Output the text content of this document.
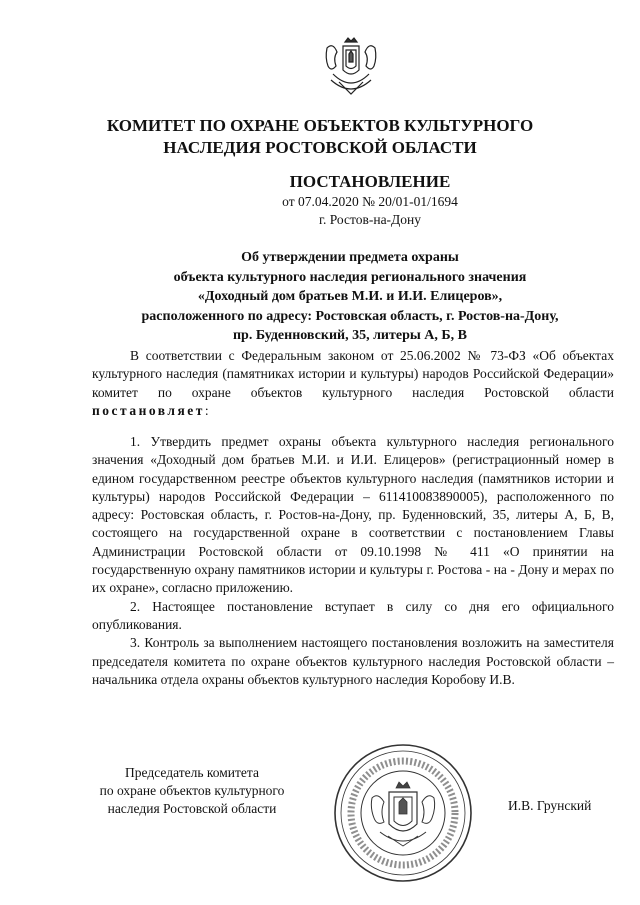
КОМИТЕТ ПО ОХРАНЕ ОБЪЕКТОВ КУЛЬТУРНОГО
НАСЛЕДИЯ РОСТОВСКОЙ ОБЛАСТИ
ПОСТАНОВЛЕНИЕ
от 07.04.2020 № 20/01-01/1694
г. Ростов-на-Дону
Об утверждении предмета охраны
объекта культурного наследия регионального значения
«Доходный дом братьев М.И. и И.И. Елицеров»,
расположенного по адресу: Ростовская область, г. Ростов-на-Дону,
пр. Буденновский, 35, литеры А, Б, В

В соответствии с Федеральным законом от 25.06.2002 № 73-ФЗ «Об объектах культурного наследия (памятниках истории и культуры) народов Российской Федерации» комитет по охране объектов культурного наследия Ростовской области постановляет:

1. Утвердить предмет охраны объекта культурного наследия регионального значения «Доходный дом братьев М.И. и И.И. Елицеров» (регистрационный номер в едином государственном реестре объектов культурного наследия (памятников истории и культуры) народов Российской Федерации – 611410083890005), расположенного по адресу: Ростовская область, г. Ростов-на-Дону, пр. Буденновский, 35, литеры А, Б, В, состоящего на государственной охране в соответствии с постановлением Главы Администрации Ростовской области от 09.10.1998 № 411 «О принятии на государственную охрану памятников истории и культуры г. Ростова - на - Дону и мерах по их охране», согласно приложению.

2. Настоящее постановление вступает в силу со дня его официального опубликования.

3. Контроль за выполнением настоящего постановления возложить на заместителя председателя комитета по охране объектов культурного наследия Ростовской области – начальника отдела охраны объектов культурного наследия Коробову И.В.

Председатель комитета
по охране объектов культурного
наследия Ростовской области	И.В. Грунский
